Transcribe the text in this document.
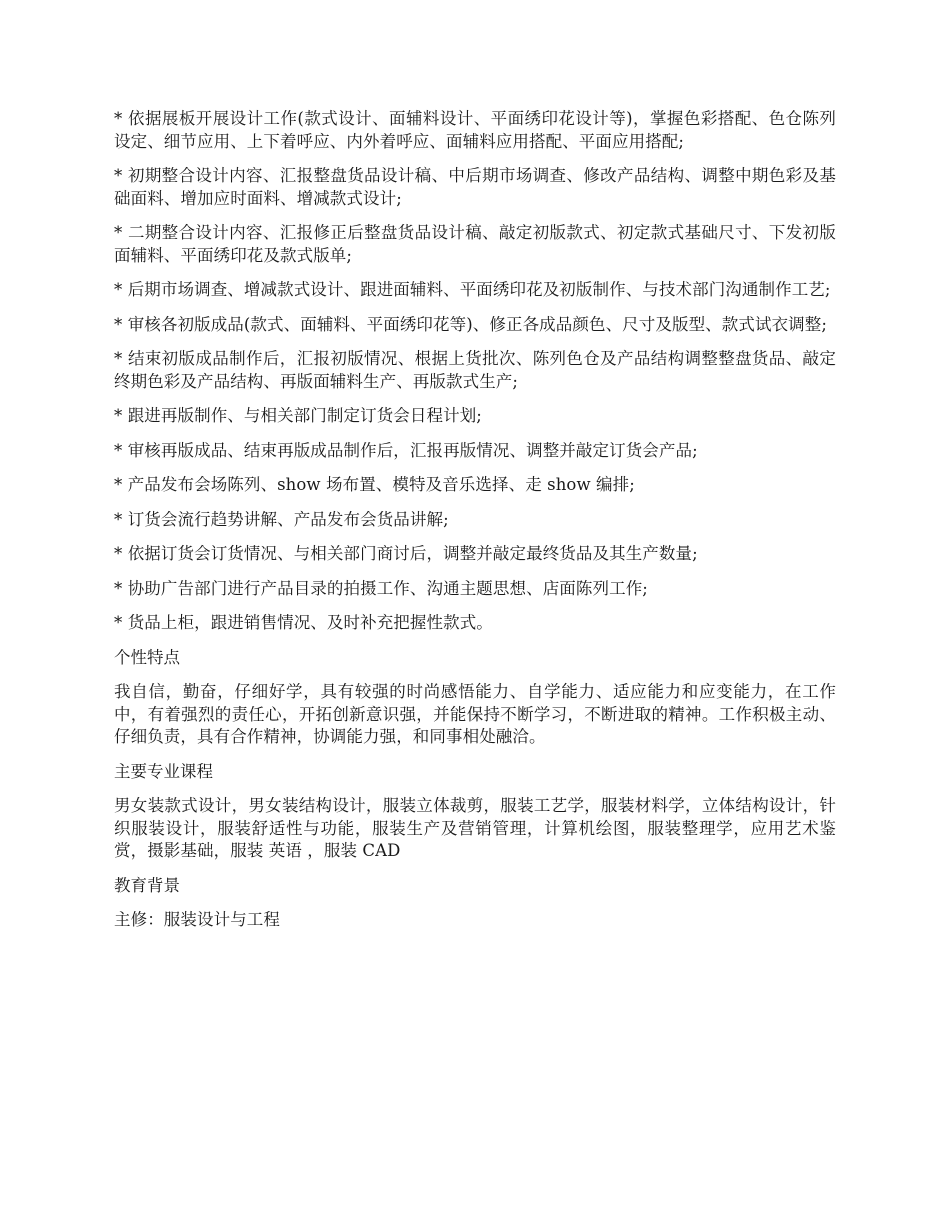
* 依据展板开展设计工作(款式设计、面辅料设计、平面绣印花设计等)，掌握色彩搭配、色仓陈列设定、细节应用、上下着呼应、内外着呼应、面辅料应用搭配、平面应用搭配;

* 初期整合设计内容、汇报整盘货品设计稿、中后期市场调查、修改产品结构、调整中期色彩及基础面料、增加应时面料、增减款式设计;

* 二期整合设计内容、汇报修正后整盘货品设计稿、敲定初版款式、初定款式基础尺寸、下发初版面辅料、平面绣印花及款式版单;

* 后期市场调查、增减款式设计、跟进面辅料、平面绣印花及初版制作、与技术部门沟通制作工艺;

* 审核各初版成品(款式、面辅料、平面绣印花等)、修正各成品颜色、尺寸及版型、款式试衣调整;

* 结束初版成品制作后，汇报初版情况、根据上货批次、陈列色仓及产品结构调整整盘货品、敲定终期色彩及产品结构、再版面辅料生产、再版款式生产;

* 跟进再版制作、与相关部门制定订货会日程计划;

* 审核再版成品、结束再版成品制作后，汇报再版情况、调整并敲定订货会产品;

* 产品发布会场陈列、show 场布置、模特及音乐选择、走 show 编排;

* 订货会流行趋势讲解、产品发布会货品讲解;

* 依据订货会订货情况、与相关部门商讨后，调整并敲定最终货品及其生产数量;

* 协助广告部门进行产品目录的拍摄工作、沟通主题思想、店面陈列工作;

* 货品上柜，跟进销售情况、及时补充把握性款式。

个性特点

我自信，勤奋，仔细好学，具有较强的时尚感悟能力、自学能力、适应能力和应变能力，在工作中，有着强烈的责任心，开拓创新意识强，并能保持不断学习，不断进取的精神。工作积极主动、仔细负责，具有合作精神，协调能力强，和同事相处融洽。

主要专业课程

男女装款式设计，男女装结构设计，服装立体裁剪，服装工艺学，服装材料学，立体结构设计，针织服装设计，服装舒适性与功能，服装生产及营销管理，计算机绘图，服装整理学，应用艺术鉴赏，摄影基础，服装 英语 ，服装 CAD

教育背景

主修：服装设计与工程
